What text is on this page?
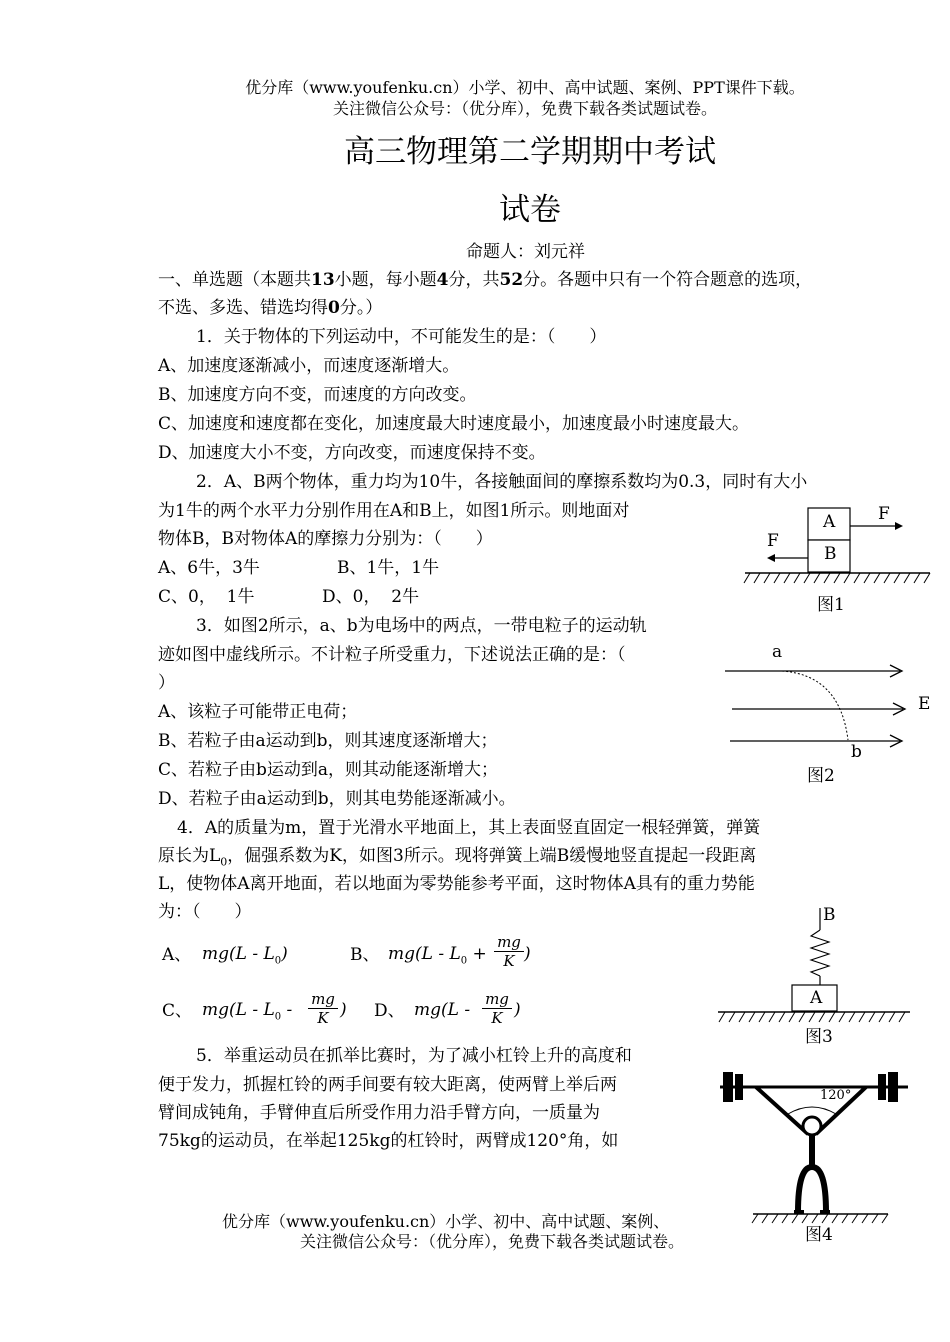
优分库（www.youfenku.cn）小学、初中、高中试题、案例、PPT课件下载。
关注微信公众号：（优分库），免费下载各类试题试卷。
高三物理第二学期期中考试
试卷
命题人：刘元祥
一、单选题（本题共13小题，每小题4分，共52分。各题中只有一个符合题意的选项，
不选、多选、错选均得0分。）
1．关于物体的下列运动中，不可能发生的是：（　　）
A、加速度逐渐减小，而速度逐渐增大。
B、加速度方向不变，而速度的方向改变。
C、加速度和速度都在变化，加速度最大时速度最小，加速度最小时速度最大。
D、加速度大小不变，方向改变，而速度保持不变。
2．A、B两个物体，重力均为10牛，各接触面间的摩擦系数均为0.3，同时有大小
为1牛的两个水平力分别作用在A和B上，如图1所示。则地面对
物体B，B对物体A的摩擦力分别为：（　　）
A、6牛，3牛	B、1牛，1牛
C、0，  1牛	D、0，  2牛
A
B
F
F
图1
3．如图2所示，a、b为电场中的两点，一带电粒子的运动轨
迹如图中虚线所示。不计粒子所受重力，下述说法正确的是：（
）
A、该粒子可能带正电荷；
B、若粒子由a运动到b，则其速度逐渐增大；
C、若粒子由b运动到a，则其动能逐渐增大；
D、若粒子由a运动到b，则其电势能逐渐减小。
a
b
E
图2
4．A的质量为m，置于光滑水平地面上，其上表面竖直固定一根轻弹簧，弹簧
原长为$L_0$，倔强系数为K，如图3所示。现将弹簧上端B缓慢地竖直提起一段距离
L，使物体A离开地面，若以地面为零势能参考平面，这时物体A具有的重力势能
为：（　　）
A、 $mg(L - L_0)$	B、 $mg(L - L_0 + \frac{mg}{K}$ )
C、 $mg(L - L_0 - \frac{mg}{K}$ ) D、 $mg(L - \frac{mg}{K}$ )
B
A
图3
5．举重运动员在抓举比赛时，为了减小杠铃上升的高度和
便于发力，抓握杠铃的两手间要有较大距离，使两臂上举后两
臂间成钝角，手臂伸直后所受作用力沿手臂方向，一质量为
75kg的运动员，在举起125kg的杠铃时，两臂成120°角，如
120°
图4
优分库（www.youfenku.cn）小学、初中、高中试题、案例、
关注微信公众号：（优分库），免费下载各类试题试卷。
